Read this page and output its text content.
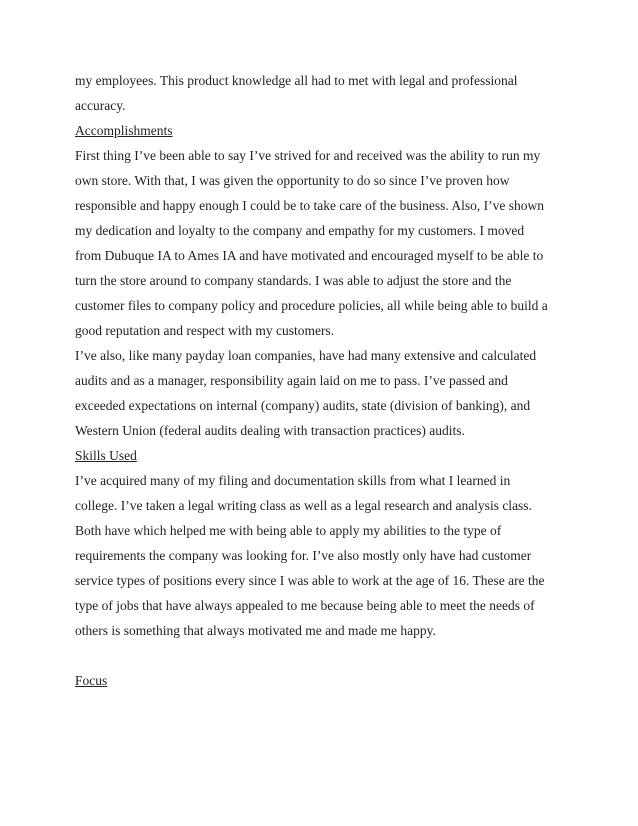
my employees. This product knowledge all had to met with legal and professional
accuracy.
Accomplishments
First thing I’ve been able to say I’ve strived for and received was the ability to run my
own store. With that, I was given the opportunity to do so since I’ve proven how
responsible and happy enough I could be to take care of the business. Also, I’ve shown
my dedication and loyalty to the company and empathy for my customers. I moved
from Dubuque IA to Ames IA and have motivated and encouraged myself to be able to
turn the store around to company standards. I was able to adjust the store and the
customer files to company policy and procedure policies, all while being able to build a
good reputation and respect with my customers.
I’ve also, like many payday loan companies, have had many extensive and calculated
audits and as a manager, responsibility again laid on me to pass. I’ve passed and
exceeded expectations on internal (company) audits, state (division of banking), and
Western Union (federal audits dealing with transaction practices) audits.
Skills Used
I’ve acquired many of my filing and documentation skills from what I learned in
college. I’ve taken a legal writing class as well as a legal research and analysis class.
Both have which helped me with being able to apply my abilities to the type of
requirements the company was looking for. I’ve also mostly only have had customer
service types of positions every since I was able to work at the age of 16. These are the
type of jobs that have always appealed to me because being able to meet the needs of
others is something that always motivated me and made me happy.
Focus
